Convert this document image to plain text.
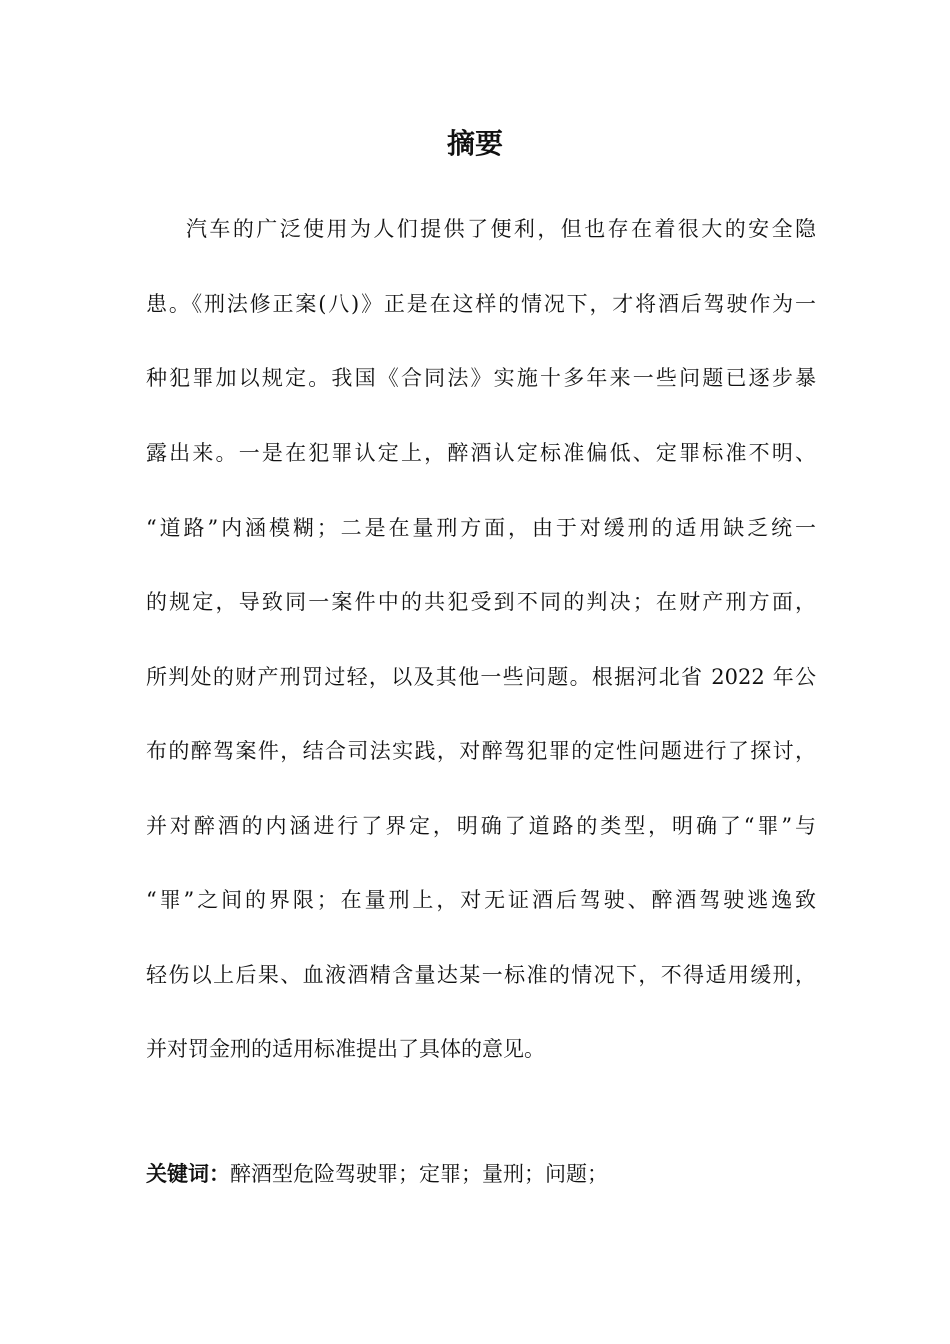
摘要

汽车的广泛使用为人们提供了便利，但也存在着很大的安全隐

患。《刑法修正案(八)》正是在这样的情况下，才将酒后驾驶作为一

种犯罪加以规定。我国《合同法》实施十多年来一些问题已逐步暴

露出来。一是在犯罪认定上，醉酒认定标准偏低、定罪标准不明、

“道路”内涵模糊；二是在量刑方面，由于对缓刑的适用缺乏统一

的规定，导致同一案件中的共犯受到不同的判决；在财产刑方面，

所判处的财产刑罚过轻，以及其他一些问题。根据河北省 2022 年公

布的醉驾案件，结合司法实践，对醉驾犯罪的定性问题进行了探讨，

并对醉酒的内涵进行了界定，明确了道路的类型，明确了“罪”与

“罪”之间的界限；在量刑上，对无证酒后驾驶、醉酒驾驶逃逸致

轻伤以上后果、血液酒精含量达某一标准的情况下，不得适用缓刑，

并对罚金刑的适用标准提出了具体的意见。

关键词：醉酒型危险驾驶罪；定罪；量刑；问题；
